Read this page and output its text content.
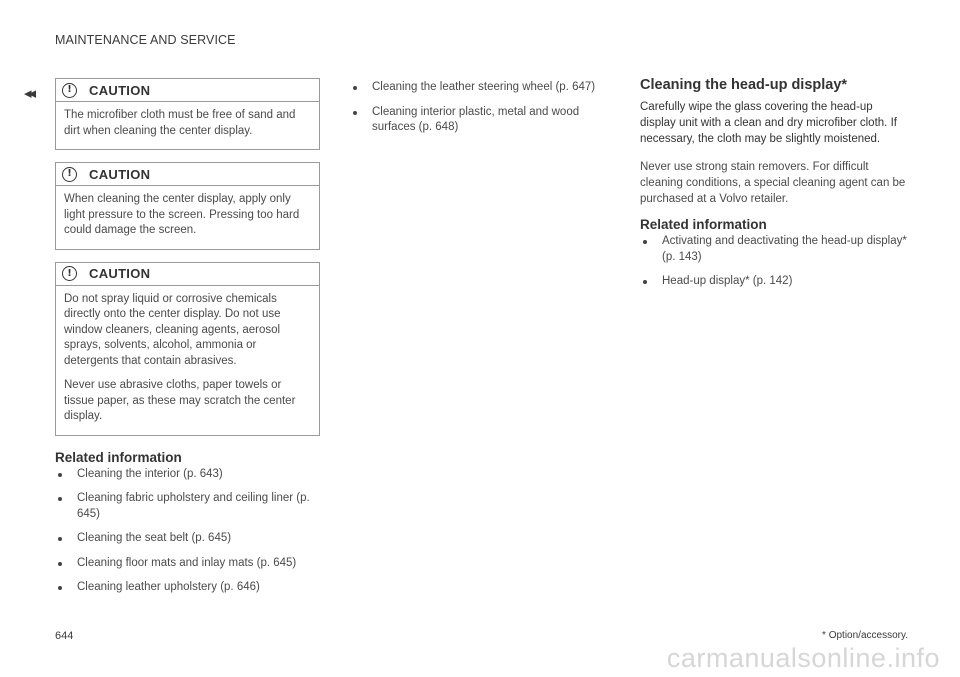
MAINTENANCE AND SERVICE
◂◂	!	CAUTION

The microfiber cloth must be free of sand and dirt when cleaning the center display.

!	CAUTION

When cleaning the center display, apply only light pressure to the screen. Pressing too hard could damage the screen.

!	CAUTION

Do not spray liquid or corrosive chemicals directly onto the center display. Do not use window cleaners, cleaning agents, aerosol sprays, solvents, alcohol, ammonia or detergents that contain abrasives.

Never use abrasive cloths, paper towels or tissue paper, as these may scratch the center display.

Related information
Cleaning the interior (p. 643)
Cleaning fabric upholstery and ceiling liner (p. 645)
Cleaning the seat belt (p. 645)
Cleaning floor mats and inlay mats (p. 645)
Cleaning leather upholstery (p. 646)
Cleaning the leather steering wheel (p. 647)
Cleaning interior plastic, metal and wood surfaces (p. 648)
Cleaning the head-up display*

Carefully wipe the glass covering the head-up display unit with a clean and dry microfiber cloth. If necessary, the cloth may be slightly moistened.

Never use strong stain removers. For difficult cleaning conditions, a special cleaning agent can be purchased at a Volvo retailer.

Related information
Activating and deactivating the head-up display* (p. 143)
Head-up display* (p. 142)
644	* Option/accessory.
carmanualsonline.info
